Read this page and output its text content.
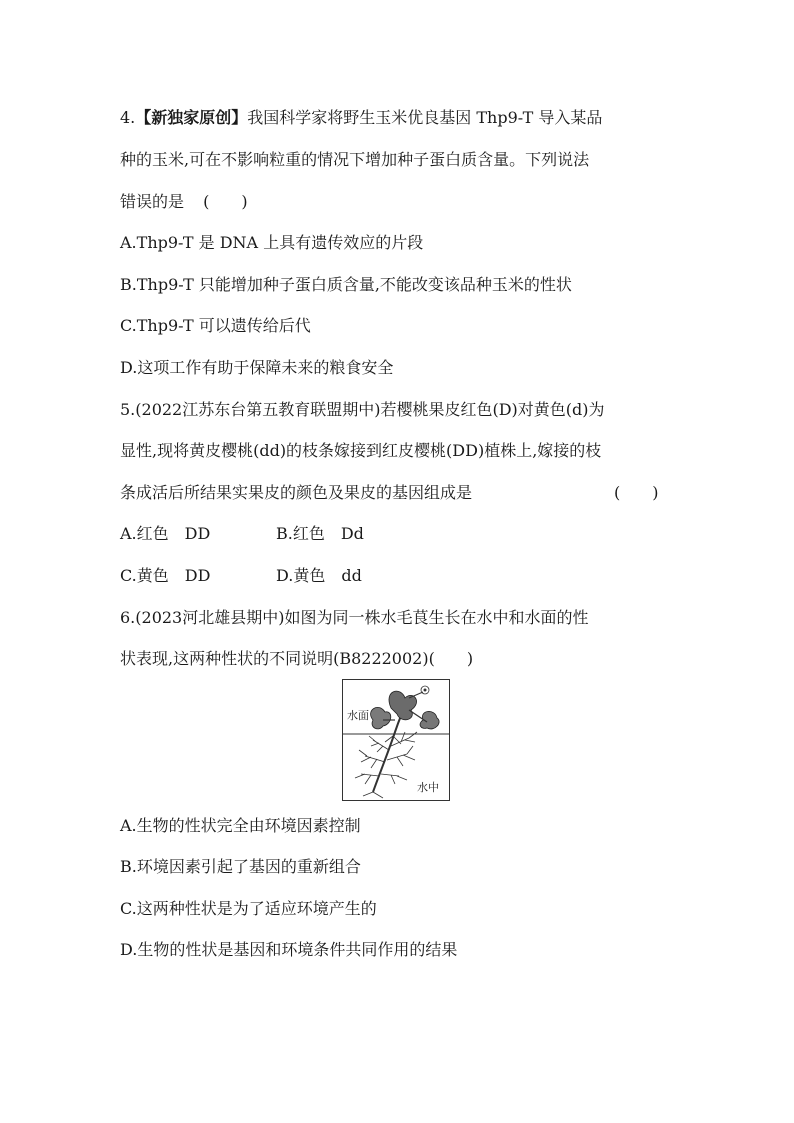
4.【新独家原创】我国科学家将野生玉米优良基因 Thp9-T 导入某品
种的玉米,可在不影响粒重的情况下增加种子蛋白质含量。下列说法
错误的是 (　　)
A.Thp9-T 是 DNA 上具有遗传效应的片段
B.Thp9-T 只能增加种子蛋白质含量,不能改变该品种玉米的性状
C.Thp9-T 可以遗传给后代
D.这项工作有助于保障未来的粮食安全
5.(2022江苏东台第五教育联盟期中)若樱桃果皮红色(D)对黄色(d)为
显性,现将黄皮樱桃(dd)的枝条嫁接到红皮樱桃(DD)植株上,嫁接的枝
条成活后所结果实果皮的颜色及果皮的基因组成是	(　　)
A.红色　DD	B.红色　Dd
C.黄色　DD	D.黄色　dd
6.(2023河北雄县期中)如图为同一株水毛茛生长在水中和水面的性
状表现,这两种性状的不同说明(B8222002)(　　)
水面
水中
A.生物的性状完全由环境因素控制
B.环境因素引起了基因的重新组合
C.这两种性状是为了适应环境产生的
D.生物的性状是基因和环境条件共同作用的结果
